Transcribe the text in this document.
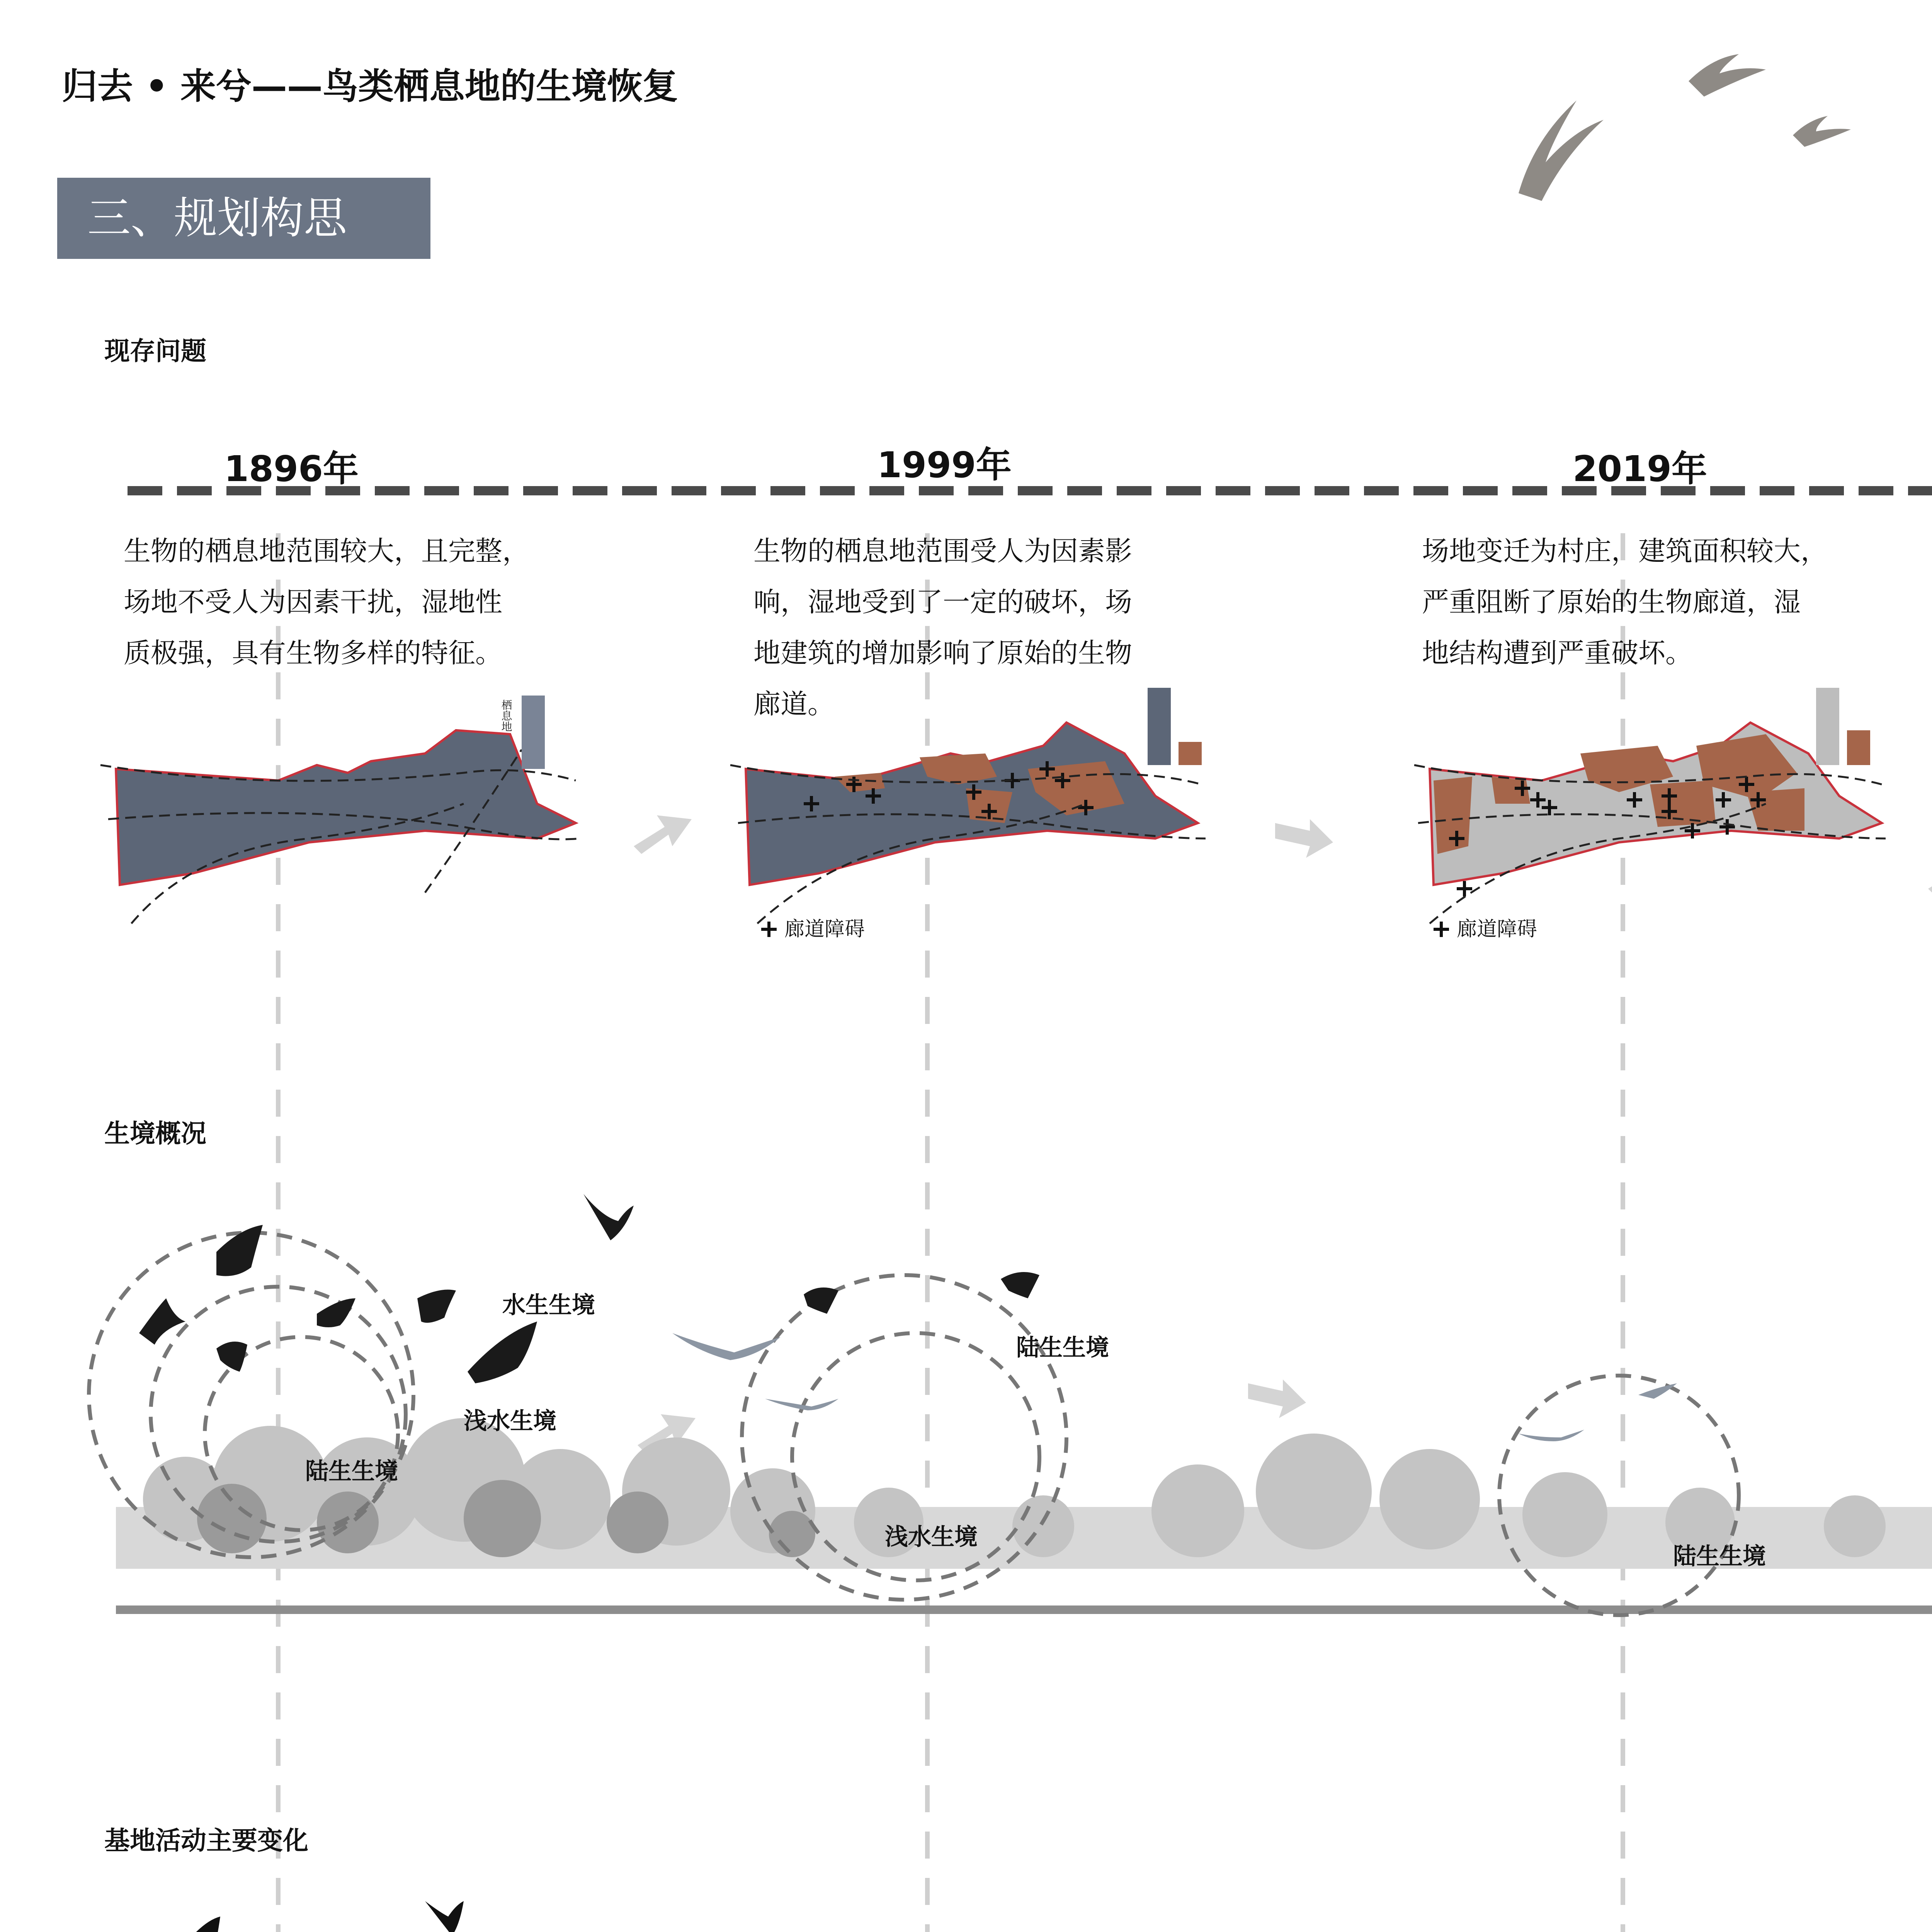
归去 • 来兮——鸟类栖息地的生境恢复
三、规划构思
现存问题
1896年	1999年	2019年
生物的栖息地范围较大，且完整，
场地不受人为因素干扰，湿地性
质极强，具有生物多样的特征。
生物的栖息地范围受人为因素影
响，湿地受到了一定的破坏，场
地建筑的增加影响了原始的生物
廊道。
场地变迁为村庄，建筑面积较大，
严重阻断了原始的生物廊道，湿
地结构遭到严重破坏。
栖息地
廊道障碍	廊道障碍
生境概况
水生生境
浅水生境
陆生生境
陆生生境
浅水生境
陆生生境
基地活动主要变化
